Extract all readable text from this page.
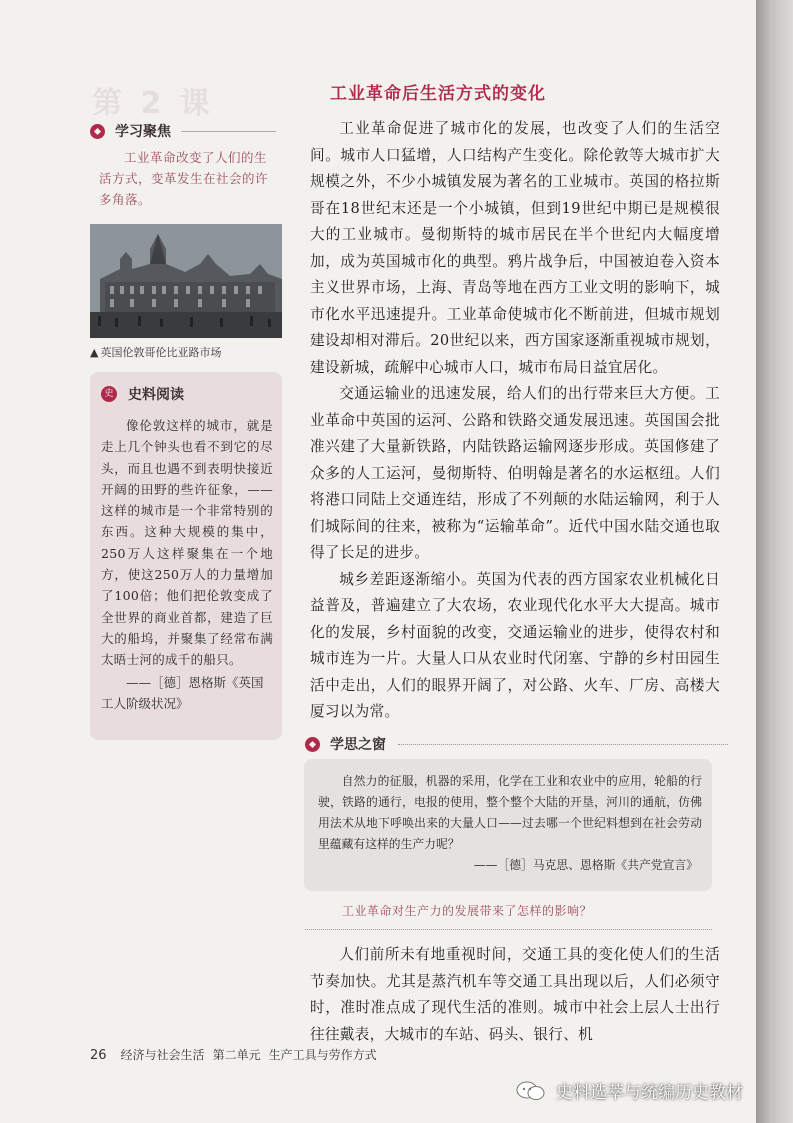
第 2 课	工业革命后生活方式的变化
学习聚焦

工业革命改变了人们的生活方式，变革发生在社会的许多角落。

▲ 英国伦敦哥伦比亚路市场

史 史料阅读

像伦敦这样的城市，就是走上几个钟头也看不到它的尽头，而且也遇不到表明快接近开阔的田野的些许征象，——这样的城市是一个非常特别的东西。这种大规模的集中，250万人这样聚集在一个地方，使这250万人的力量增加了100倍；他们把伦敦变成了全世界的商业首都，建造了巨大的船坞，并聚集了经常布满太晤士河的成千的船只。

——［德］恩格斯《英国工人阶级状况》

工业革命促进了城市化的发展，也改变了人们的生活空间。城市人口猛增，人口结构产生变化。除伦敦等大城市扩大规模之外，不少小城镇发展为著名的工业城市。英国的格拉斯哥在18世纪末还是一个小城镇，但到19世纪中期已是规模很大的工业城市。曼彻斯特的城市居民在半个世纪内大幅度增加，成为英国城市化的典型。鸦片战争后，中国被迫卷入资本主义世界市场，上海、青岛等地在西方工业文明的影响下，城市化水平迅速提升。工业革命使城市化不断前进，但城市规划建设却相对滞后。20世纪以来，西方国家逐渐重视城市规划，建设新城，疏解中心城市人口，城市布局日益宜居化。

交通运输业的迅速发展，给人们的出行带来巨大方便。工业革命中英国的运河、公路和铁路交通发展迅速。英国国会批准兴建了大量新铁路，内陆铁路运输网逐步形成。英国修建了众多的人工运河，曼彻斯特、伯明翰是著名的水运枢纽。人们将港口同陆上交通连结，形成了不列颠的水陆运输网，利于人们城际间的往来，被称为“运输革命”。近代中国水陆交通也取得了长足的进步。

城乡差距逐渐缩小。英国为代表的西方国家农业机械化日益普及，普遍建立了大农场，农业现代化水平大大提高。城市化的发展，乡村面貌的改变，交通运输业的进步，使得农村和城市连为一片。大量人口从农业时代闭塞、宁静的乡村田园生活中走出，人们的眼界开阔了，对公路、火车、厂房、高楼大厦习以为常。

学思之窗

自然力的征服，机器的采用，化学在工业和农业中的应用，轮船的行驶，铁路的通行，电报的使用，整个整个大陆的开垦，河川的通航，仿佛用法术从地下呼唤出来的大量人口——过去哪一个世纪料想到在社会劳动里蕴藏有这样的生产力呢？

——［德］马克思、恩格斯《共产党宣言》

工业革命对生产力的发展带来了怎样的影响？

人们前所未有地重视时间，交通工具的变化使人们的生活节奏加快。尤其是蒸汽机车等交通工具出现以后，人们必须守时，准时准点成了现代生活的准则。城市中社会上层人士出行往往戴表，大城市的车站、码头、银行、机

26 经济与社会生活 第二单元 生产工具与劳作方式
史料选萃与统编历史教材
